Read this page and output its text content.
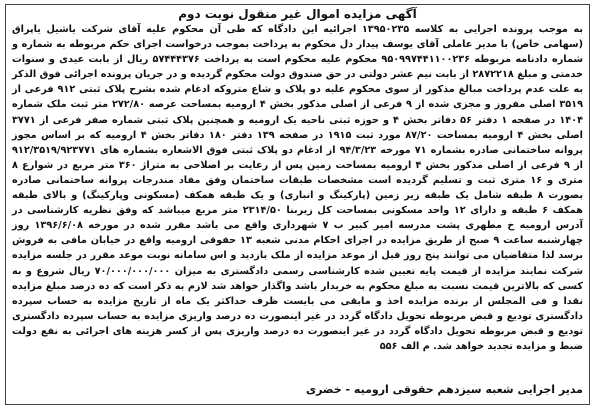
آگهی مزایده اموال غیر منقول نوبت دوم

به موجب پرونده اجرایی به کلاسه ۱۳۹۵۰۲۳۵ اجرائیه این دادگاه که طی آن محکوم علیه آقای شرکت یاشیل یاپراق (سهامی خاص) با مدیر عاملی آقای یوسف پیدار دل محکوم به پرداخت بموجب درخواست اجرای حکم مربوطه به شماره و شماره دادنامه مربوطه ۹۵۰۹۹۷۴۴۱۱۰۰۲۳۶ محکوم علیه محکوم است به پرداخت ۵۷۴۴۴۳۷۶ ریال از بابت عیدی و سنوات خدمتی و مبلغ ۲۸۷۲۲۱۸ از بابت نیم عشر دولتی در حق صندوق دولت محکوم گردیده و در جریان پرونده اجرائی فوق الذکر به علت عدم پرداخت مبالغ مذکور از سوی محکوم علیه دو پلاک و شاع متروکه ادغام شده بشرح پلاک ثبتی ۹۱۲ فرعی از ۳۵۱۹ اصلی مفروز و مجزی شده از ۹ فرعی از اصلی مذکور بخش ۴ ارومیه بمساحت عرصه ۲۷۲/۸۰ متر ثبت ملک شماره ۱۴۰۴ در صفحه ۱ دفتر ۵۶ دفاتر بخش ۴ و حوزه ثبتی ناحیه یک ارومیه و همچنین پلاک ثبتی شماره صفر فرعی از ۳۷۷۱ اصلی بخش ۴ ارومیه بمساحت ۸۷/۲۰ مورد ثبت ۱۹۱۵ در صفحه ۱۳۹ دفتر ۱۸۰ دفاتر بخش ۴ ارومیه که بر اساس مجوز پروانه ساختمانی صادره بشماره ۷۱ مورخه ۹۴/۳/۲۳ از ادغام دو پلاک ثبتی فوق الاشعاره بشماره های ۹۱۲/۳۵۱۹/۹۲۳۷۷۱ از ۹ فرعی از اصلی مذکور بخش ۴ ارومیه بمساحت زمین پس از رعایت بر اصلاحی به متراژ ۳۶۰ متر مربع در شوارع ۸ متری و ۱۶ متری ثبت و تسلیم گردیده است مشخصات طبقات ساختمان وفق مفاد مندرجات پروانه ساختمانی صادره بصورت ۸ طبقه شامل یک طبقه زیر زمین (پارکینگ و انباری) و یک طبقه همکف (مسکونی وپارکینگ) و بالای طبقه همکف ۶ طبقه و دارای ۱۲ واحد مسکونی بمساحت کل زیربنا ۲۳۱۴/۵۰ متر مربع میباشد که وفق نظریه کارشناسی در آدرس ارومیه خ مطهری پشت مدرسه امیر کبیر ب ۷ شهرداری واقع می باشد مقرر شده در مورخه ۱۳۹۶/۶/۰۸ روز چهارشنبه ساعت ۹ صبح از طریق مزایده در اجرای احکام مدنی شعبه ۱۳ حقوقی ارومیه واقع در خیابان مافی به فروش برسد لذا متقاضیان می توانند پنج روز قبل از موعد مزایده از ملک بازدید و اس سامانه نوبت موعد مقرر در جلسه مزایده شرکت نمایند مزایده از قیمت پایه تعیین شده کارشناسی رسمی دادگستری به میزان ۷۰/۰۰۰/۰۰۰/۰۰۰ ریال شروع و به کسی که بالاترین قیمت نسبت به مبلغ محکوم به خریدار باشد واگذار خواهد شد لازم به ذکر است که ده درصد مبلغ مزایده نقدا و فی المجلس از برنده مزایده اخذ و مابقی می بایست ظرف حداکثر یک ماه از تاریخ مزایده به حساب سپرده دادگستری تودیع و قبض مربوطه تحویل دادگاه گردد در غیر اینصورت ده درصد واریزی مزایده به حساب سپرده دادگستری تودیع و قبض مربوطه تحویل دادگاه گردد در غیر اینصورت ده درصد واریزی پس از کسر هزینه های اجرائی به نفع دولت ضبط و مزایده تجدید خواهد شد. م الف ۵۵۶

مدیر اجرایی شعبه سیزدهم حقوقی ارومیه - خضری
